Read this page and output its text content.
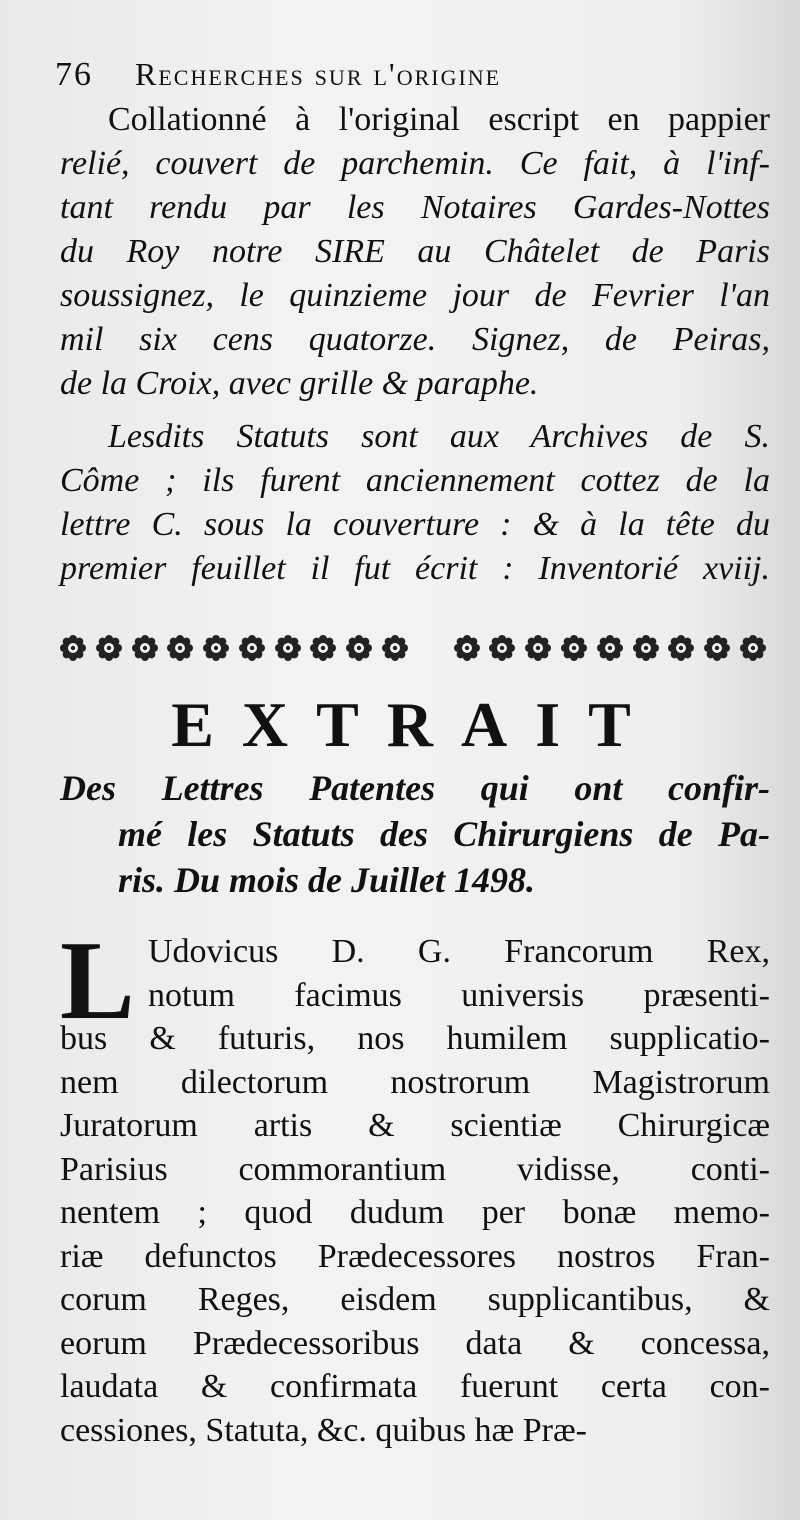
76 Recherches sur l'origine
Collationné à l'original escript en pappier
relié, couvert de parchemin. Ce fait, à l'inf-
tant rendu par les Notaires Gardes-Nottes
du Roy notre SIRE au Châtelet de Paris
soussignez, le quinzieme jour de Fevrier l'an
mil six cens quatorze. Signez, de Peiras,
de la Croix, avec grille & paraphe.
Lesdits Statuts sont aux Archives de S.
Côme ; ils furent anciennement cottez de la
lettre C. sous la couverture : & à la tête du
premier feuillet il fut écrit : Inventorié xviij.
EXTRAIT
Des Lettres Patentes qui ont confir-
mé les Statuts des Chirurgiens de Pa-
ris. Du mois de Juillet 1498.
L Udovicus D. G. Francorum Rex,
notum facimus universis præsenti-
bus & futuris, nos humilem supplicatio-
nem dilectorum nostrorum Magistrorum
Juratorum artis & scientiæ Chirurgicæ
Parisius commorantium vidisse, conti-
nentem ; quod dudum per bonæ memo-
riæ defunctos Prædecessores nostros Fran-
corum Reges, eisdem supplicantibus, &
eorum Prædecessoribus data & concessa,
laudata & confirmata fuerunt certa con-
cessiones, Statuta, &c. quibus hæ Præ-
